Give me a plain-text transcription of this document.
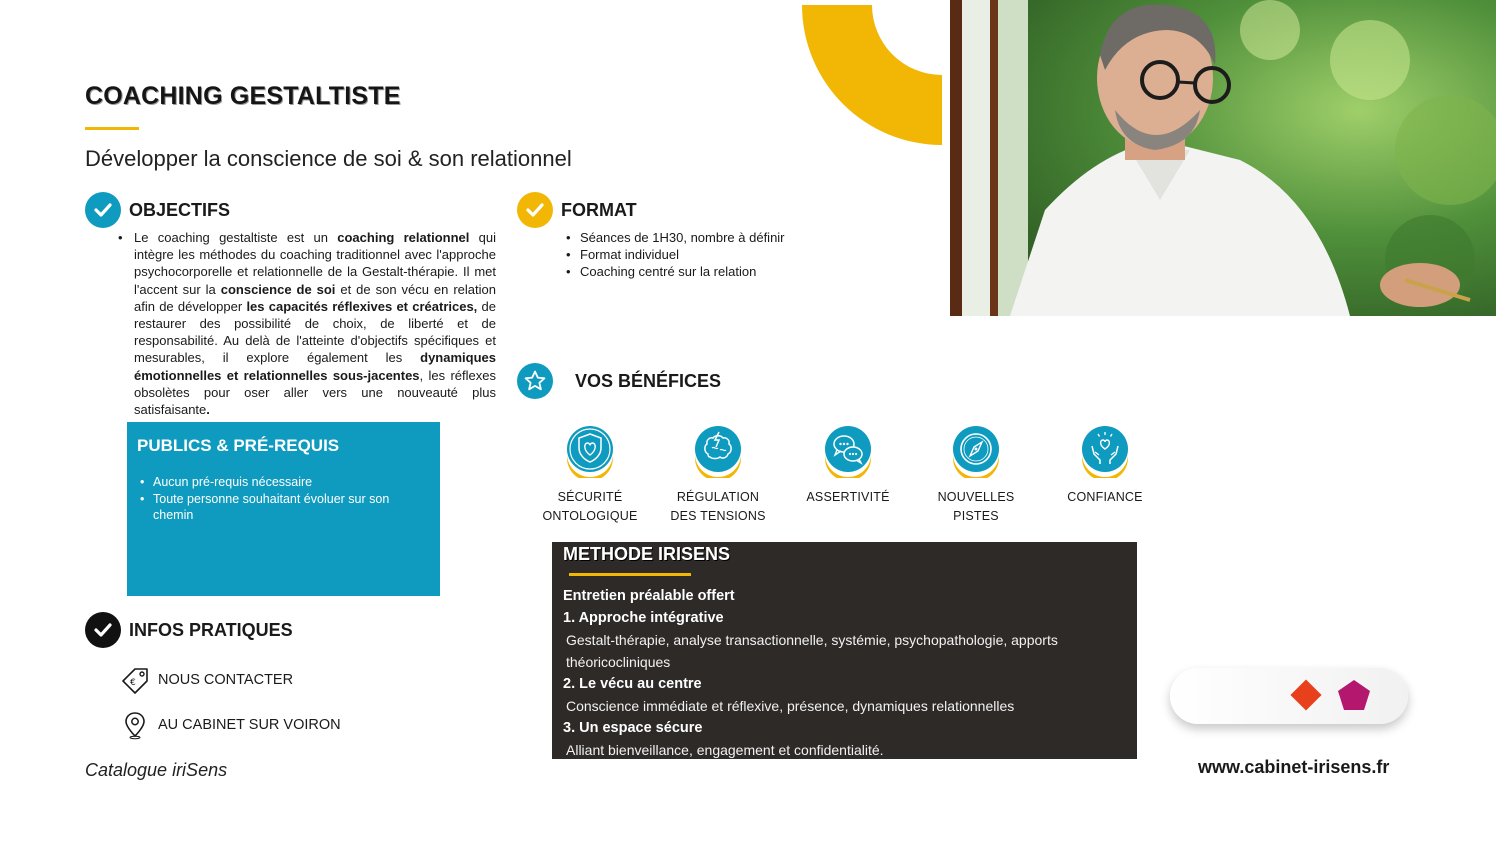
COACHING GESTALTISTE
Développer la conscience de soi & son relationnel
OBJECTIFS
• Le coaching gestaltiste est un coaching relationnel qui intègre les méthodes du coaching traditionnel avec l'approche psychocorporelle et relationnelle de la Gestalt-thérapie. Il met l'accent sur la conscience de soi et de son vécu en relation afin de développer les capacités réflexives et créatrices, de restaurer des possibilité de choix, de liberté et de responsabilité. Au delà de l'atteinte d'objectifs spécifiques et mesurables, il explore également les dynamiques émotionnelles et relationnelles sous-jacentes, les réflexes obsolètes pour oser aller vers une nouveauté plus satisfaisante.

FORMAT
• Séances de 1H30, nombre à définir
• Format individuel
• Coaching centré sur la relation
PUBLICS & PRÉ-REQUIS
• Aucun pré-requis nécessaire
• Toute personne souhaitant évoluer sur son chemin
INFOS PRATIQUES
€ NOUS CONTACTER
AU CABINET SUR VOIRON
Catalogue iriSens
VOS BÉNÉFICES
SÉCURITÉ
ONTOLOGIQUE
RÉGULATION
DES TENSIONS
ASSERTIVITÉ	NOUVELLES
PISTES
CONFIANCE
METHODE IRISENS
Entretien préalable offert
1. Approche intégrative
Gestalt-thérapie, analyse transactionnelle, systémie, psychopathologie, apports théoricocliniques
2. Le vécu au centre
Conscience immédiate et réflexive, présence, dynamiques relationnelles
3. Un espace sécure
Alliant bienveillance, engagement et confidentialité.
www.cabinet-irisens.fr
